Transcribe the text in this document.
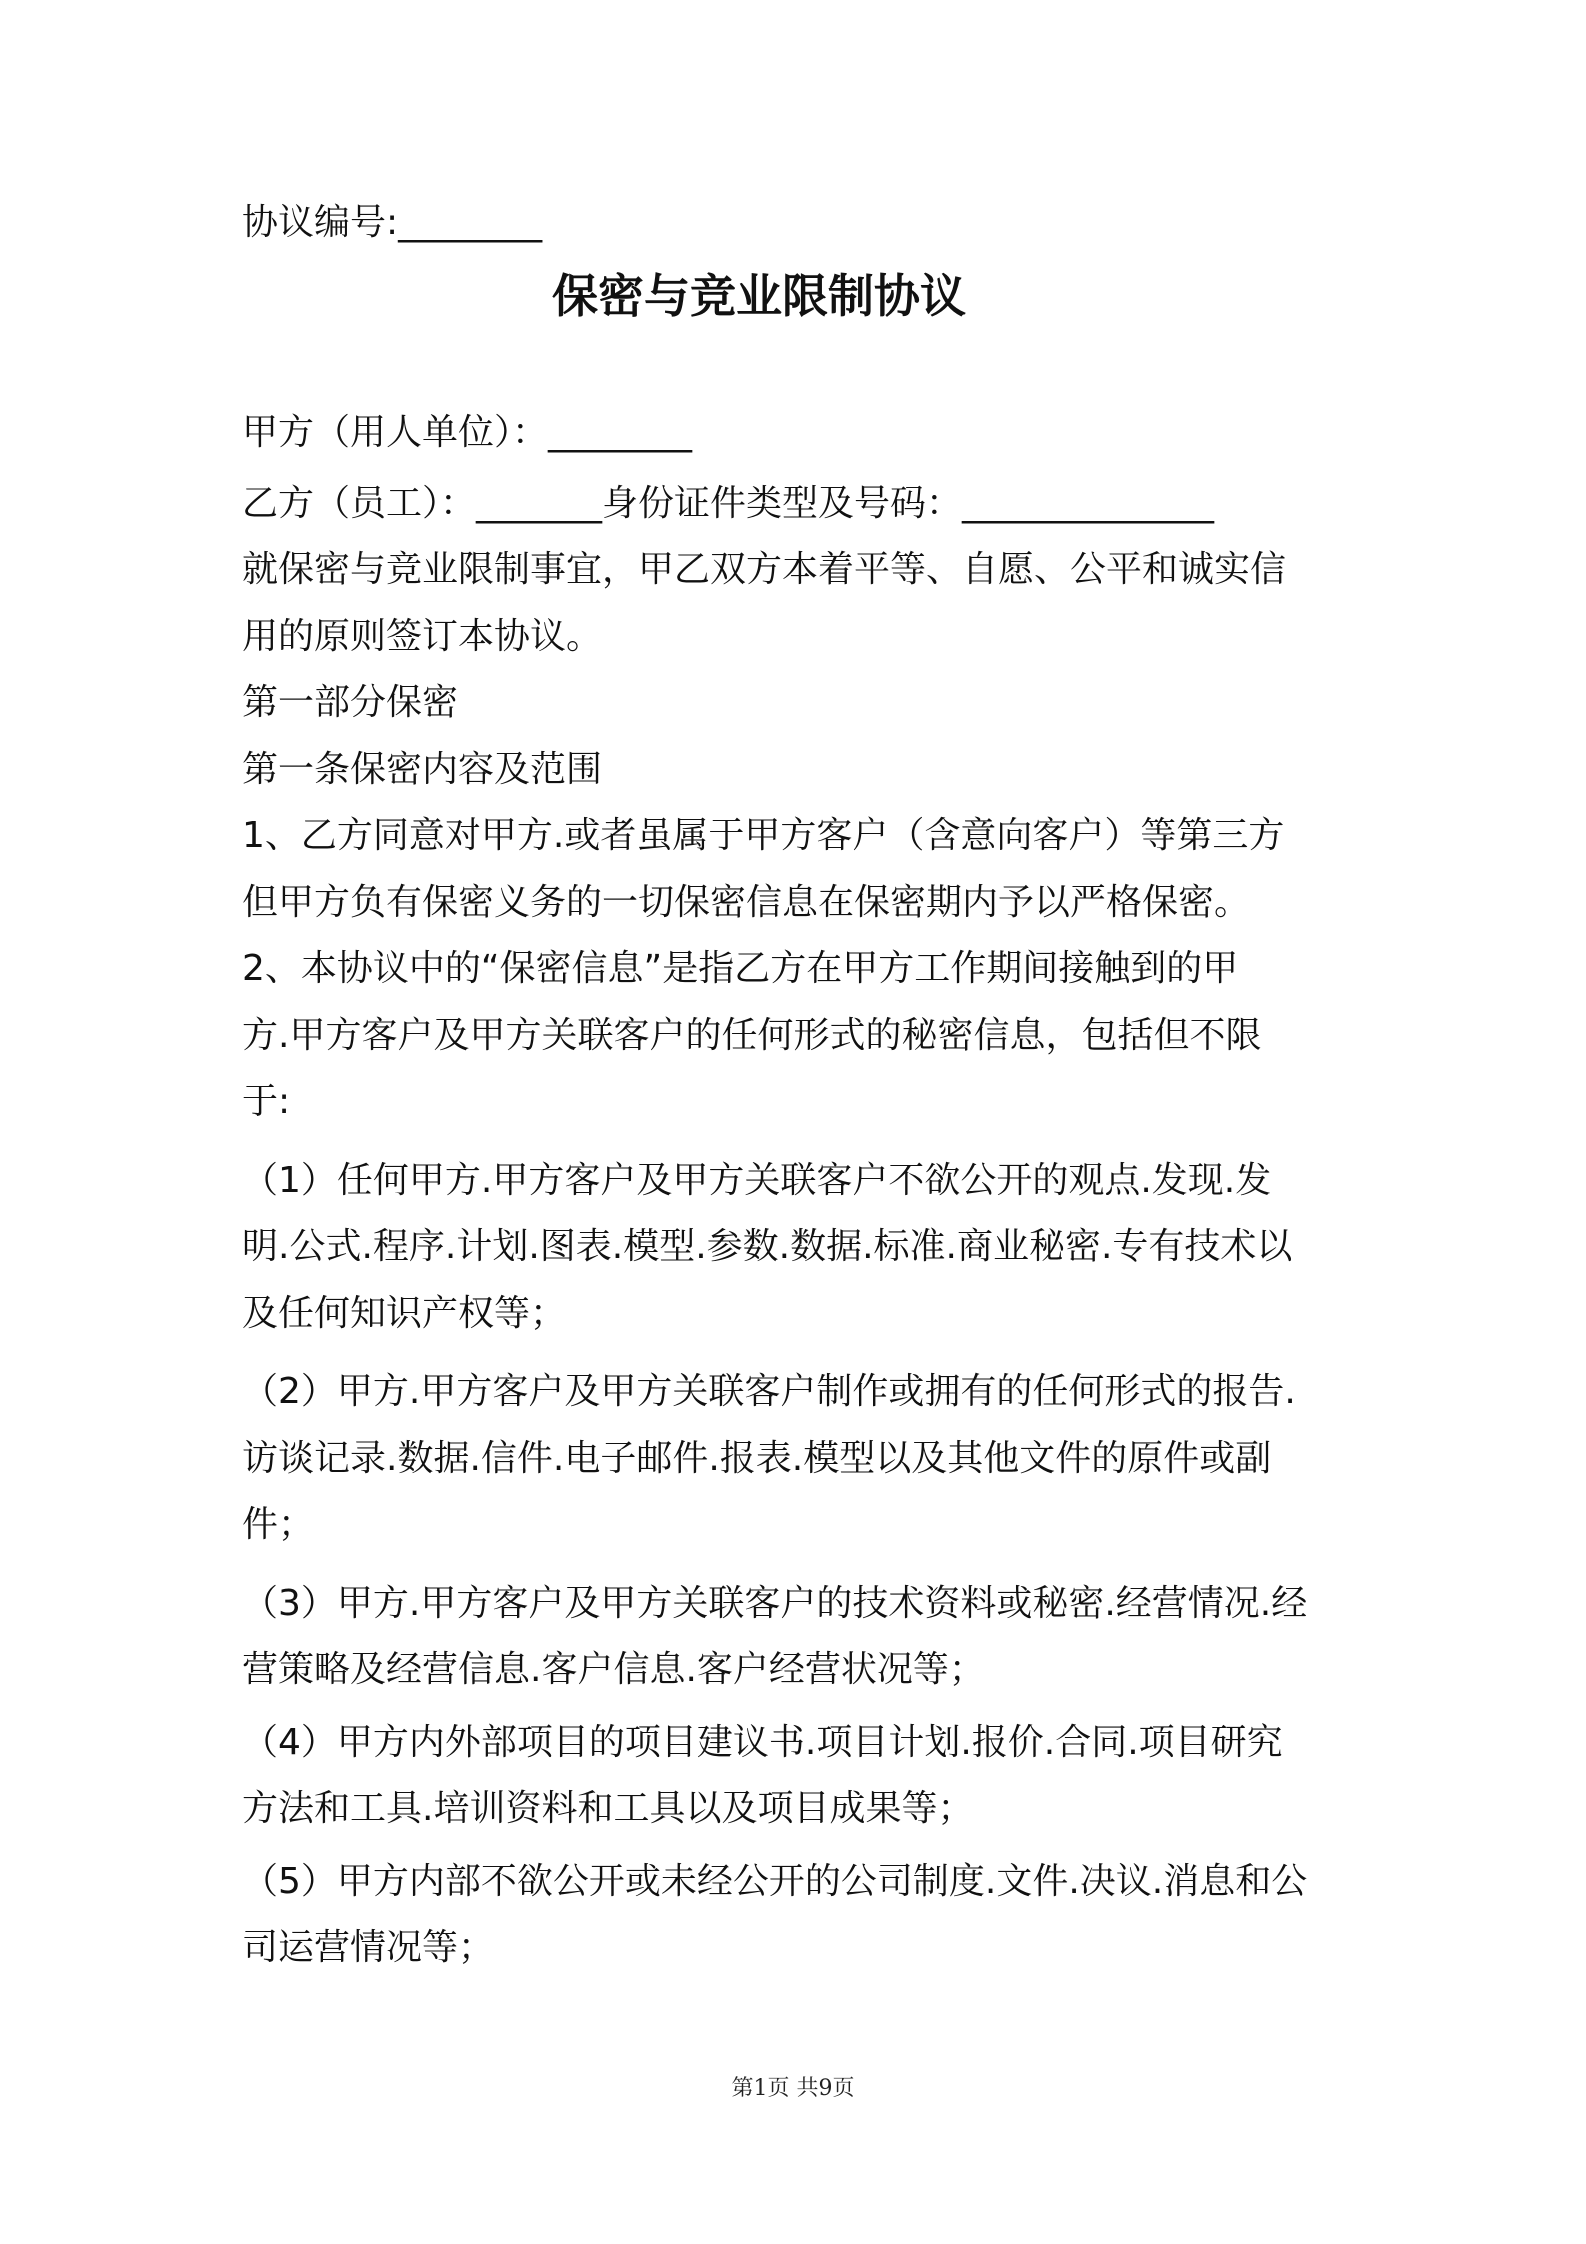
协议编号:________

保密与竞业限制协议

甲方（用人单位）：________

乙方（员工）：_______身份证件类型及号码：______________

就保密与竞业限制事宜，甲乙双方本着平等、自愿、公平和诚实信

用的原则签订本协议。

第一部分保密

第一条保密内容及范围

1、乙方同意对甲方.或者虽属于甲方客户（含意向客户）等第三方

但甲方负有保密义务的一切保密信息在保密期内予以严格保密。

2、本协议中的“保密信息”是指乙方在甲方工作期间接触到的甲

方.甲方客户及甲方关联客户的任何形式的秘密信息，包括但不限

于:

（1）任何甲方.甲方客户及甲方关联客户不欲公开的观点.发现.发

明.公式.程序.计划.图表.模型.参数.数据.标准.商业秘密.专有技术以

及任何知识产权等；

（2）甲方.甲方客户及甲方关联客户制作或拥有的任何形式的报告.

访谈记录.数据.信件.电子邮件.报表.模型以及其他文件的原件或副

件；

（3）甲方.甲方客户及甲方关联客户的技术资料或秘密.经营情况.经

营策略及经营信息.客户信息.客户经营状况等；

（4）甲方内外部项目的项目建议书.项目计划.报价.合同.项目研究

方法和工具.培训资料和工具以及项目成果等；

（5）甲方内部不欲公开或未经公开的公司制度.文件.决议.消息和公

司运营情况等；

第1页 共9页
